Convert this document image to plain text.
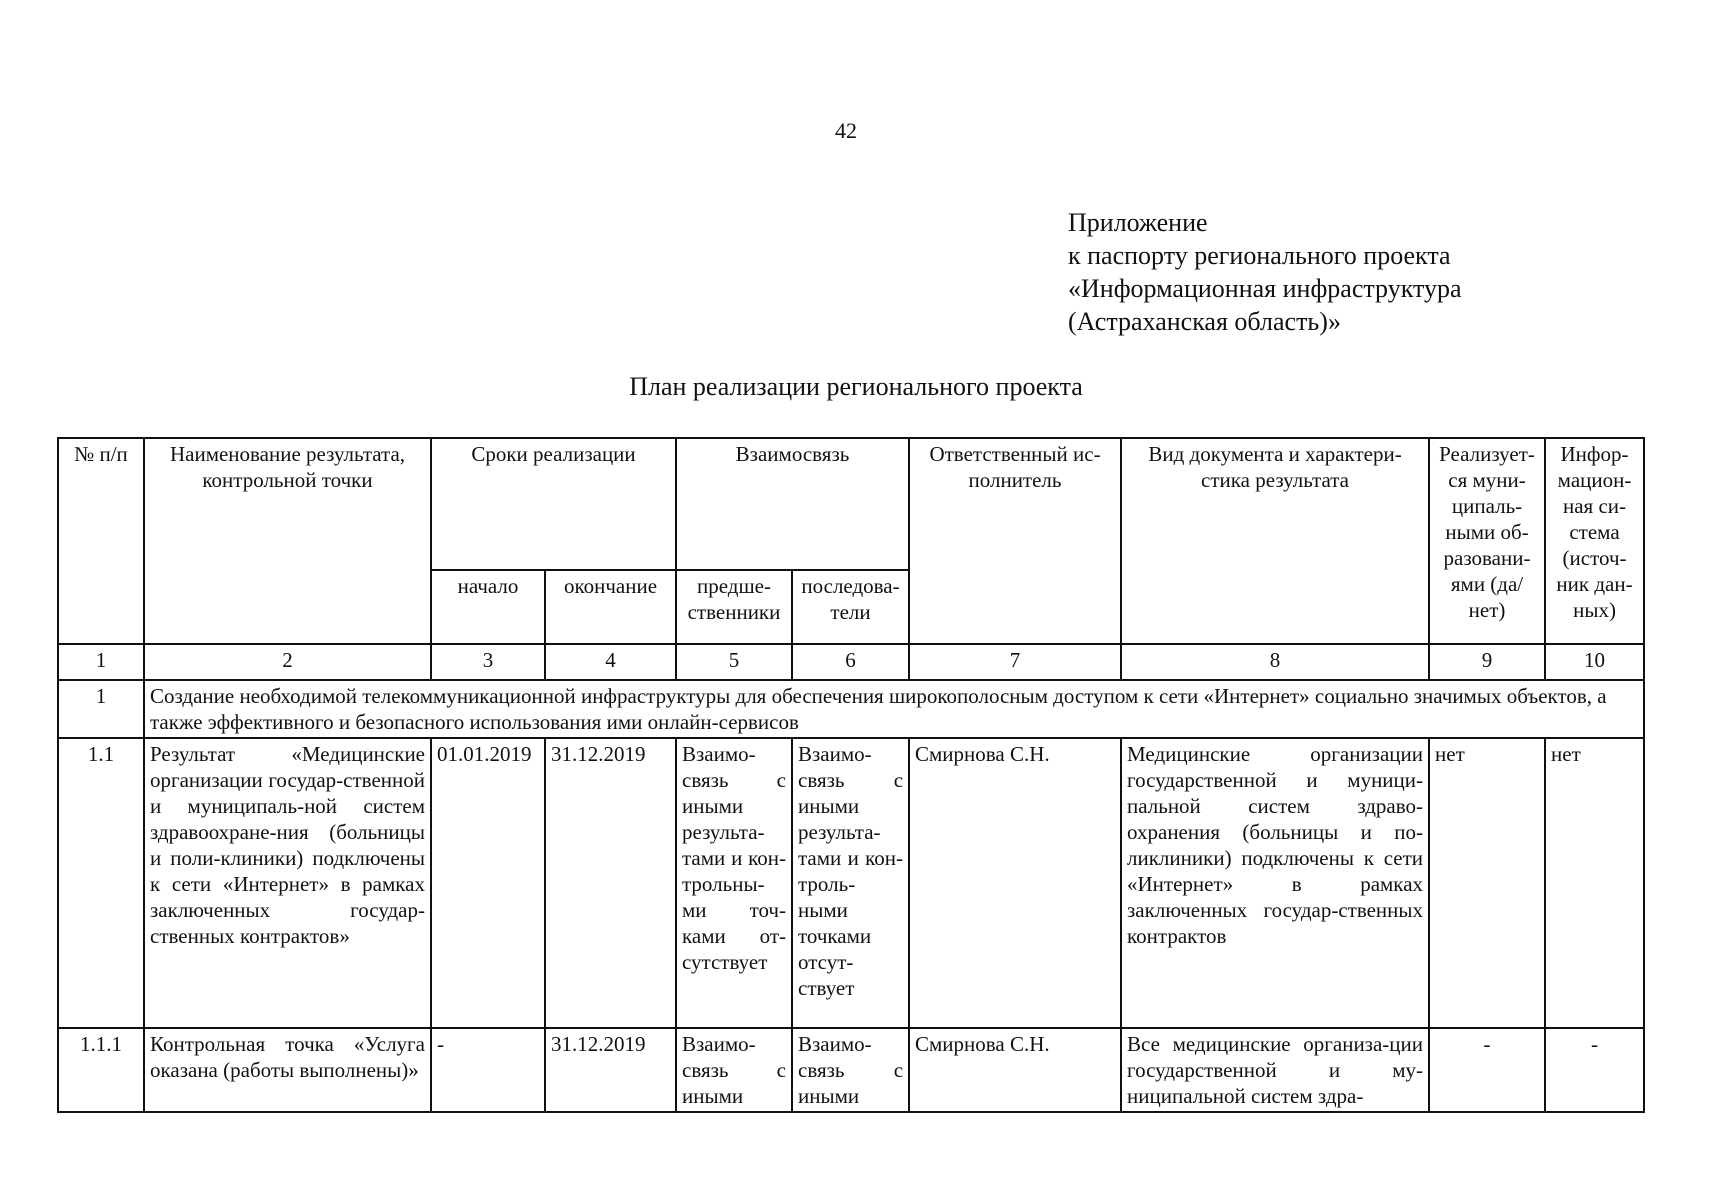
42
Приложение
к паспорту регионального проекта
«Информационная инфраструктура
(Астраханская область)»
План реализации регионального проекта
№ п/п	Наименование результата, контрольной точки	Сроки реализации		Взаимосвязь		Ответственный ис-полнитель	Вид документа и характери-стика результата	Реализует-ся муни-ципаль-ными об-разовани-ями (да/нет)	Инфор-мацион-ная си-стема (источ-ник дан-ных)
		начало	окончание	предше-ственники	последова-тели				
1	2	3	4	5	6	7	8	9	10
1	Создание необходимой телекоммуникационной инфраструктуры для обеспечения широкополосным доступом к сети «Интернет» социально значимых объектов, а также эффективного и безопасного использования ими онлайн-сервисов								
1.1	Результат «Медицинские организации государ-ственной и муниципаль-ной систем здравоохране-ния (больницы и поли-клиники) подключены к сети «Интернет» в рамках заключенных государ-ственных контрактов»	01.01.2019	31.12.2019	Взаимо-связь с иными результа-тами и кон-трольны-ми точ-ками от-сутствует	Взаимо-связь с иными результа-тами и кон-троль-ными точками отсут-ствует	Смирнова С.Н.	Медицинские организации государственной и муници-пальной систем здраво-охранения (больницы и по-ликлиники) подключены к сети «Интернет» в рамках заключенных государ-ственных контрактов	нет	нет
1.1.1	Контрольная точка «Услуга оказана (работы выполнены)»	-	31.12.2019	Взаимо-связь с иными	Взаимо-связь с иными	Смирнова С.Н.	Все медицинские организа-ции государственной и му-ниципальной систем здра-	-	-
